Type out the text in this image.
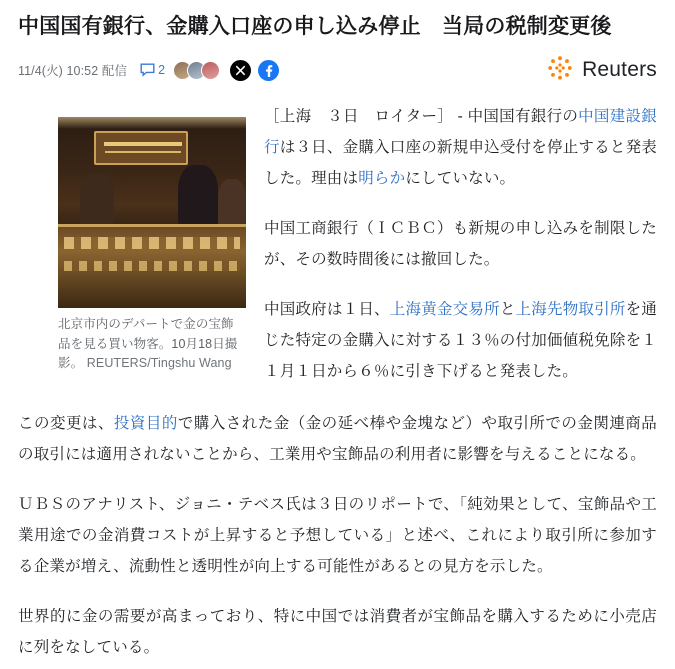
中国国有銀行、金購入口座の申し込み停止　当局の税制変更後
11/4(火) 10:52 配信 2	Reuters
北京市内のデパートで金の宝飾品を見る買い物客。10月18日撮影。 REUTERS/Tingshu Wang

［上海　３日　ロイター］ - 中国国有銀行の中国建設銀行は３日、金購入口座の新規申込受付を停止すると発表した。理由は明らかにしていない。

中国工商銀行（ＩＣＢＣ）も新規の申し込みを制限したが、その数時間後には撤回した。

中国政府は１日、上海黄金交易所と上海先物取引所を通じた特定の金購入に対する１３％の付加価値税免除を１１月１日から６％に引き下げると発表した。

この変更は、投資目的で購入された金（金の延べ棒や金塊など）や取引所での金関連商品の取引には適用されないことから、工業用や宝飾品の利用者に影響を与えることになる。

ＵＢＳのアナリスト、ジョニ・テベス氏は３日のリポートで、「純効果として、宝飾品や工業用途での金消費コストが上昇すると予想している」と述べ、これにより取引所に参加する企業が増え、流動性と透明性が向上する可能性があるとの見方を示した。

世界的に金の需要が高まっており、特に中国では消費者が宝飾品を購入するために小売店に列をなしている。
